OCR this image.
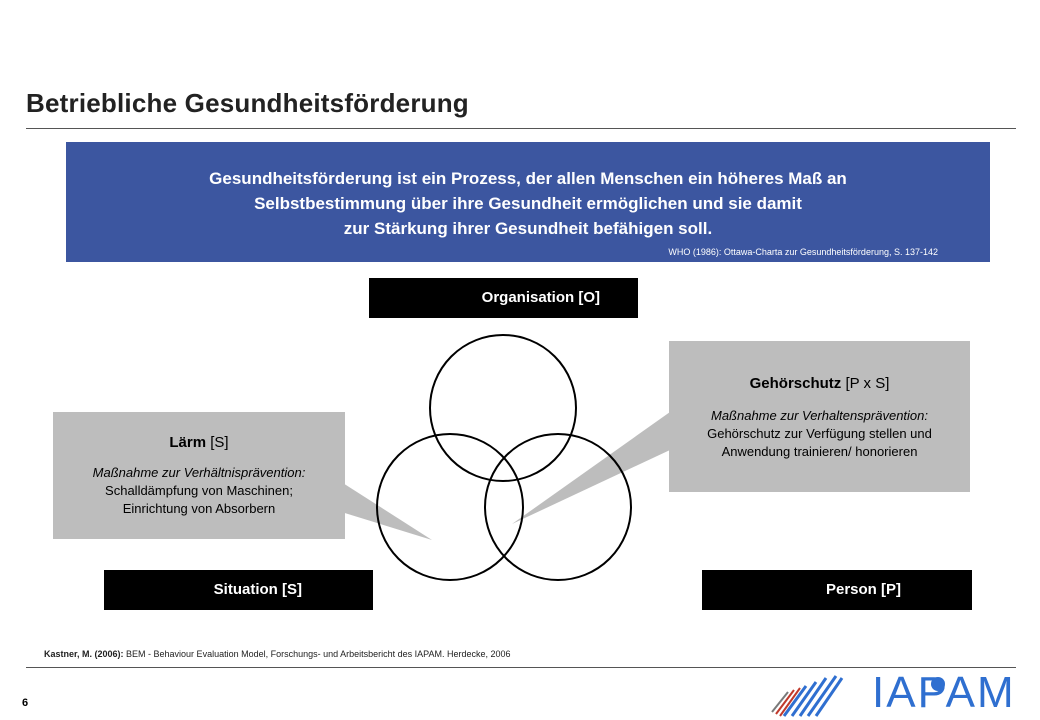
Betriebliche Gesundheitsförderung
Gesundheitsförderung ist ein Prozess, der allen Menschen ein höheres Maß an
Selbstbestimmung über ihre Gesundheit ermöglichen und sie damit
zur Stärkung ihrer Gesundheit befähigen soll.
WHO (1986): Ottawa-Charta zur Gesundheitsförderung, S. 137-142
Organisation [O]
Situation [S]	Person [P]
Lärm [S]
Maßnahme zur Verhältnisprävention:
Schalldämpfung von Maschinen;
Einrichtung von Absorbern
Gehörschutz [P x S]
Maßnahme zur Verhaltensprävention:
Gehörschutz zur Verfügung stellen und
Anwendung trainieren/ honorieren
Kastner, M. (2006): BEM - Behaviour Evaluation Model, Forschungs- und Arbeitsbericht des IAPAM. Herdecke, 2006
6	IAPAM
